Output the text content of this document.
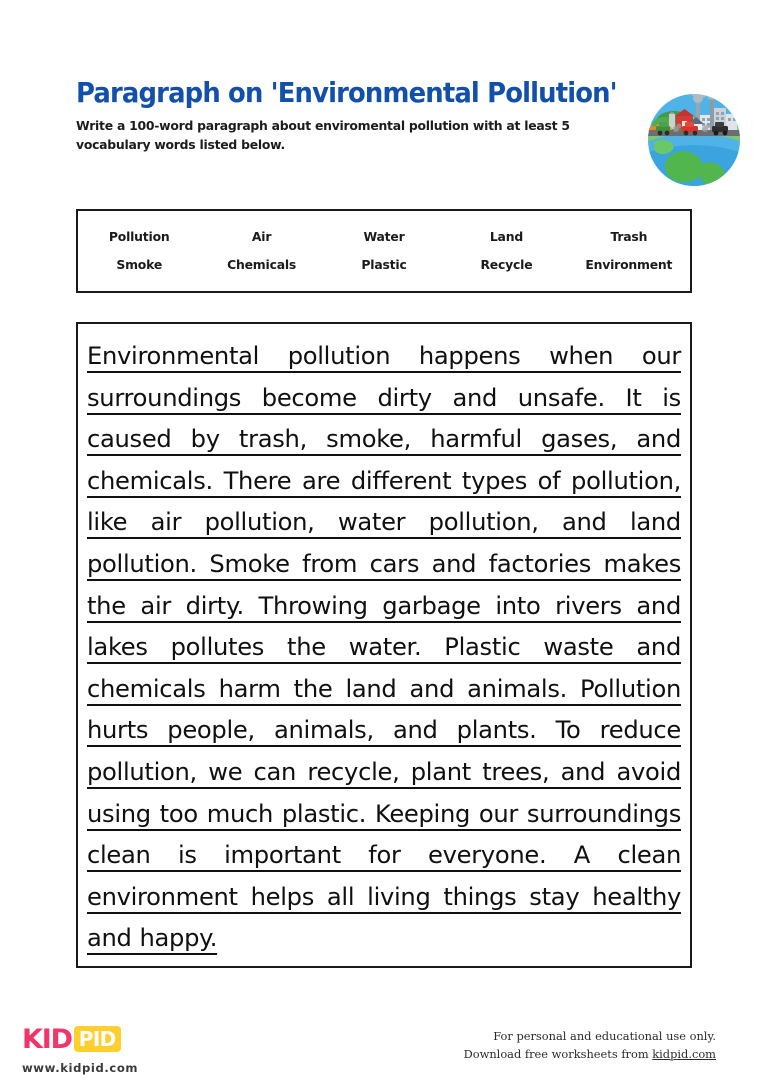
Paragraph on 'Environmental Pollution'

Write a 100-word paragraph about enviromental pollution with at least 5 vocabulary words listed below.

Pollution	Air	Water	Land	Trash
Smoke	Chemicals	Plastic	Recycle	Environment

Environmental pollution happens when our surroundings become dirty and unsafe. It is caused by trash, smoke, harmful gases, and chemicals. There are different types of pollution, like air pollution, water pollution, and land pollution. Smoke from cars and factories makes the air dirty. Throwing garbage into rivers and lakes pollutes the water. Plastic waste and chemicals harm the land and animals. Pollution hurts people, animals, and plants. To reduce pollution, we can recycle, plant trees, and avoid using too much plastic. Keeping our surroundings clean is important for everyone. A clean environment helps all living things stay healthy and happy.

KID PID
www.kidpid.com
For personal and educational use only.
Download free worksheets from kidpid.com
